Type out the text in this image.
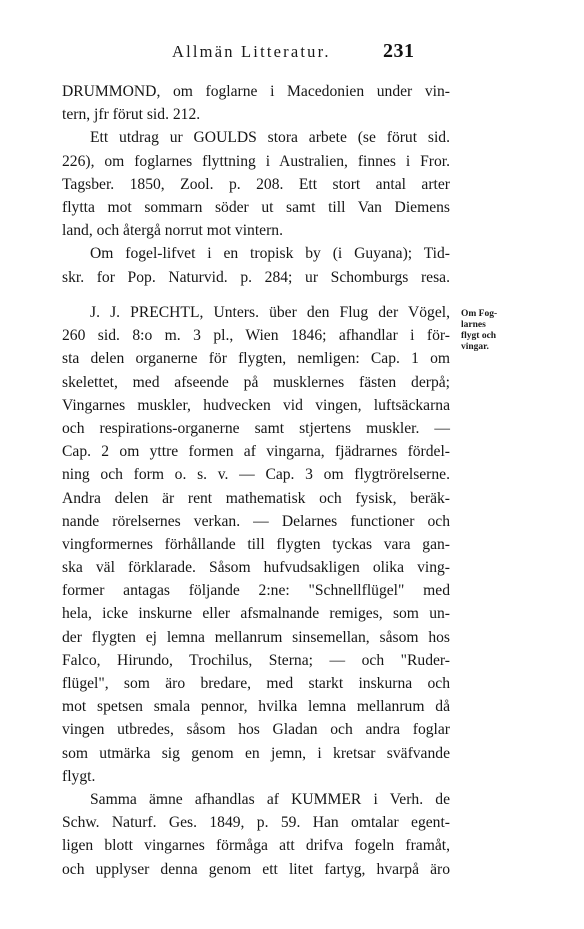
Allmän Litteratur.	231
DRUMMOND, om foglarne i Macedonien under vin-
tern, jfr förut sid. 212.
Ett utdrag ur GOULDS stora arbete (se förut sid.
226), om foglarnes flyttning i Australien, finnes i Fror.
Tagsber. 1850, Zool. p. 208. Ett stort antal arter
flytta mot sommarn söder ut samt till Van Diemens
land, och återgå norrut mot vintern.
Om fogel-lifvet i en tropisk by (i Guyana); Tid-
skr. for Pop. Naturvid. p. 284; ur Schomburgs resa.
J. J. PRECHTL, Unters. über den Flug der Vögel,
260 sid. 8:o m. 3 pl., Wien 1846; afhandlar i för-
sta delen organerne för flygten, nemligen: Cap. 1 om
skelettet, med afseende på musklernes fästen derpå;
Vingarnes muskler, hudvecken vid vingen, luftsäckarna
och respirations-organerne samt stjertens muskler. —
Cap. 2 om yttre formen af vingarna, fjädrarnes fördel-
ning och form o. s. v. — Cap. 3 om flygtrörelserne.
Andra delen är rent mathematisk och fysisk, beräk-
nande rörelsernes verkan. — Delarnes functioner och
vingformernes förhållande till flygten tyckas vara gan-
ska väl förklarade. Såsom hufvudsakligen olika ving-
former antagas följande 2:ne: "Schnellflügel" med
hela, icke inskurne eller afsmalnande remiges, som un-
der flygten ej lemna mellanrum sinsemellan, såsom hos
Falco, Hirundo, Trochilus, Sterna; — och "Ruder-
flügel", som äro bredare, med starkt inskurna och
mot spetsen smala pennor, hvilka lemna mellanrum då
vingen utbredes, såsom hos Gladan och andra foglar
som utmärka sig genom en jemn, i kretsar sväfvande
flygt.
Samma ämne afhandlas af KUMMER i Verh. de
Schw. Naturf. Ges. 1849, p. 59. Han omtalar egent-
ligen blott vingarnes förmåga att drifva fogeln framåt,
och upplyser denna genom ett litet fartyg, hvarpå äro
Om Fog-
larnes
flygt och
vingar.
